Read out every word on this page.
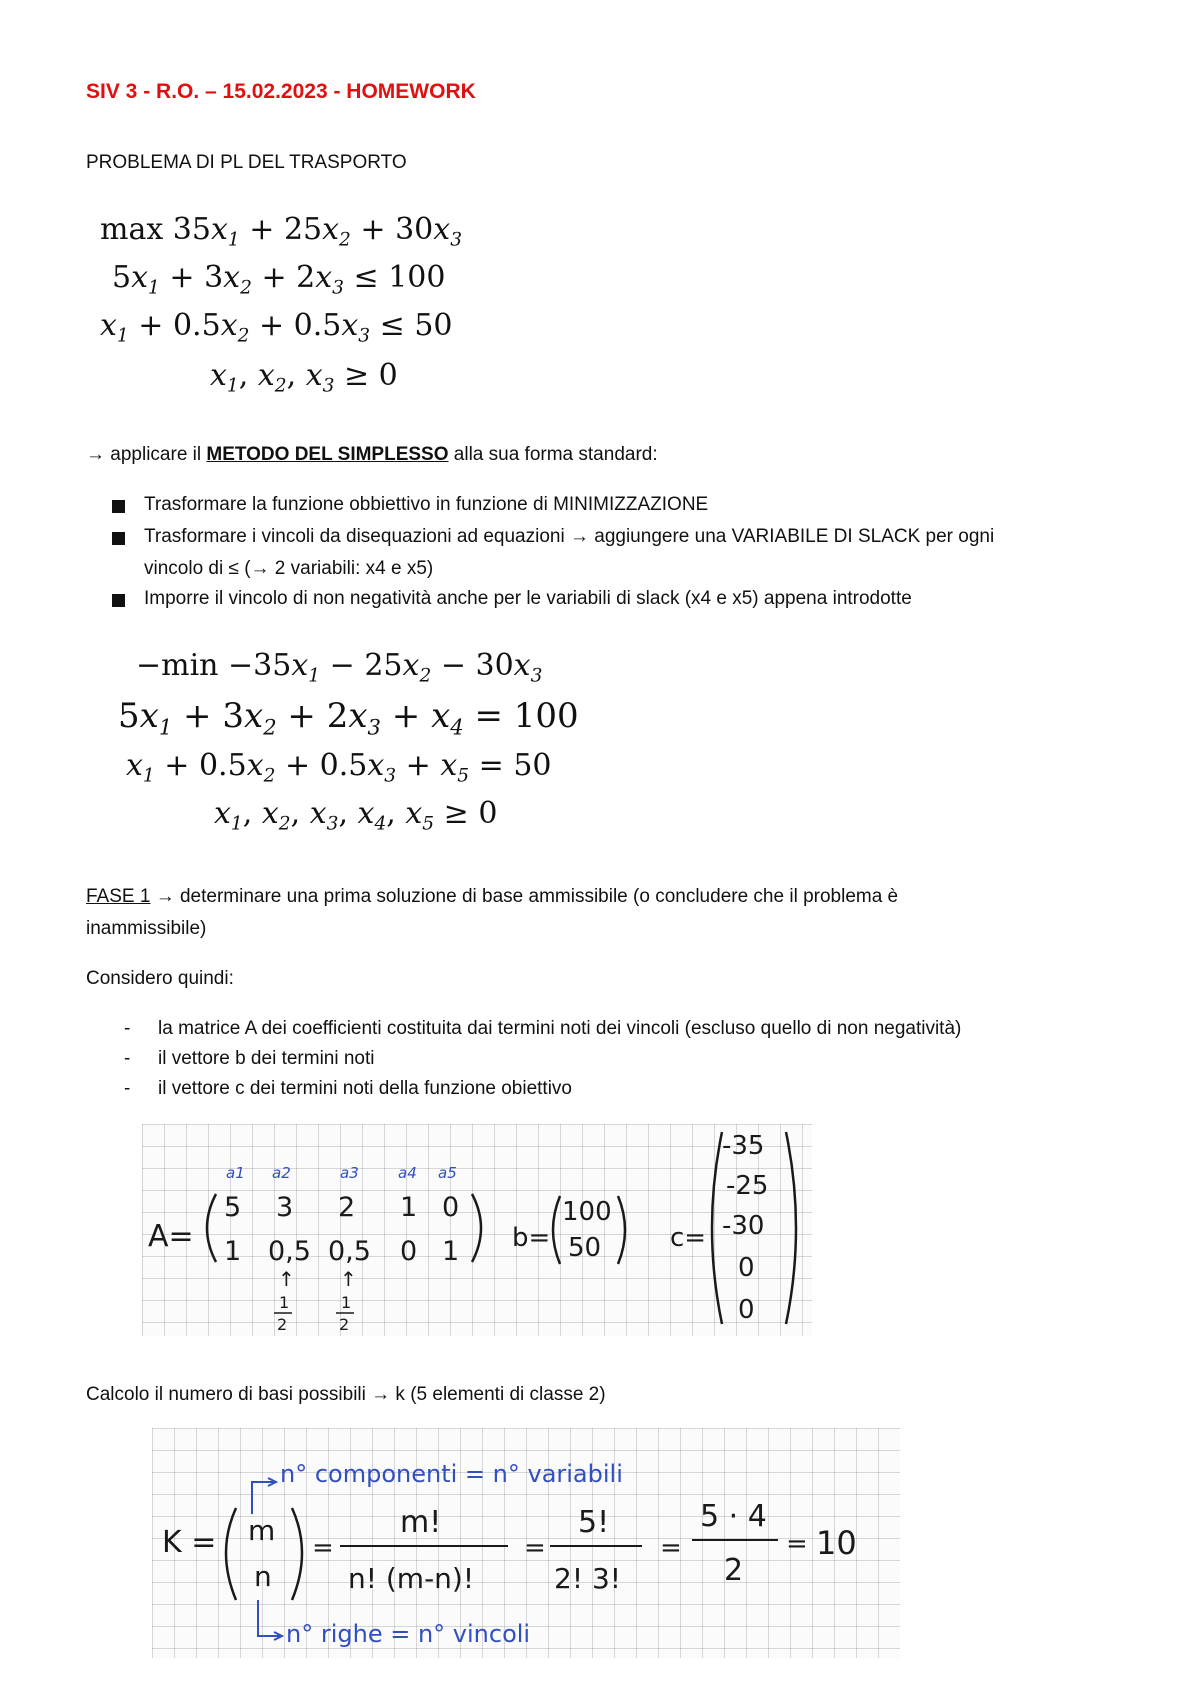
SIV 3 - R.O. – 15.02.2023 - HOMEWORK
PROBLEMA DI PL DEL TRASPORTO
$\max 35x_1 + 25x_2 + 30x_3$
$5x_1 + 3x_2 + 2x_3 \le 100$
$x_1 + 0.5x_2 + 0.5x_3 \le 50$
$x_1$, $x_2$, $x_3 \ge 0$
→ applicare il METODO DEL SIMPLESSO alla sua forma standard:
Trasformare la funzione obbiettivo in funzione di MINIMIZZAZIONE
Trasformare i vincoli da disequazioni ad equazioni → aggiungere una VARIABILE DI SLACK per ogni
vincolo di ≤ (→ 2 variabili: x4 e x5)
Imporre il vincolo di non negatività anche per le variabili di slack (x4 e x5) appena introdotte
$-\min -35x_1 - 25x_2 - 30x_3$
$5x_1 + 3x_2 + 2x_3 + x_4 = 100$
$x_1 + 0.5x_2 + 0.5x_3 + x_5 = 50$
$x_1$, $x_2$, $x_3$, $x_4$, $x_5 \ge 0$
FASE 1 → determinare una prima soluzione di base ammissibile (o concludere che il problema è
inammissibile)
Considero quindi:
- la matrice A dei coefficienti costituita dai termini noti dei vincoli (escluso quello di non negatività)
- il vettore b dei termini noti
- il vettore c dei termini noti della funzione obiettivo
A=
a1 a2	a3	a4 a5
5 3 2 1 0
1 0,5 0,5 0 1
↑ ↑
1
2
1
2
b=
100
50	c=
-35
-25
-30
0
0
Calcolo il numero di basi possibili → k (5 elementi di classe 2)
n° componenti = n° variabili
K = m
n
=
m!
n! (m-n)!
=
5!
2! 3!
=
5 · 4
2
= 10
n° righe = n° vincoli
